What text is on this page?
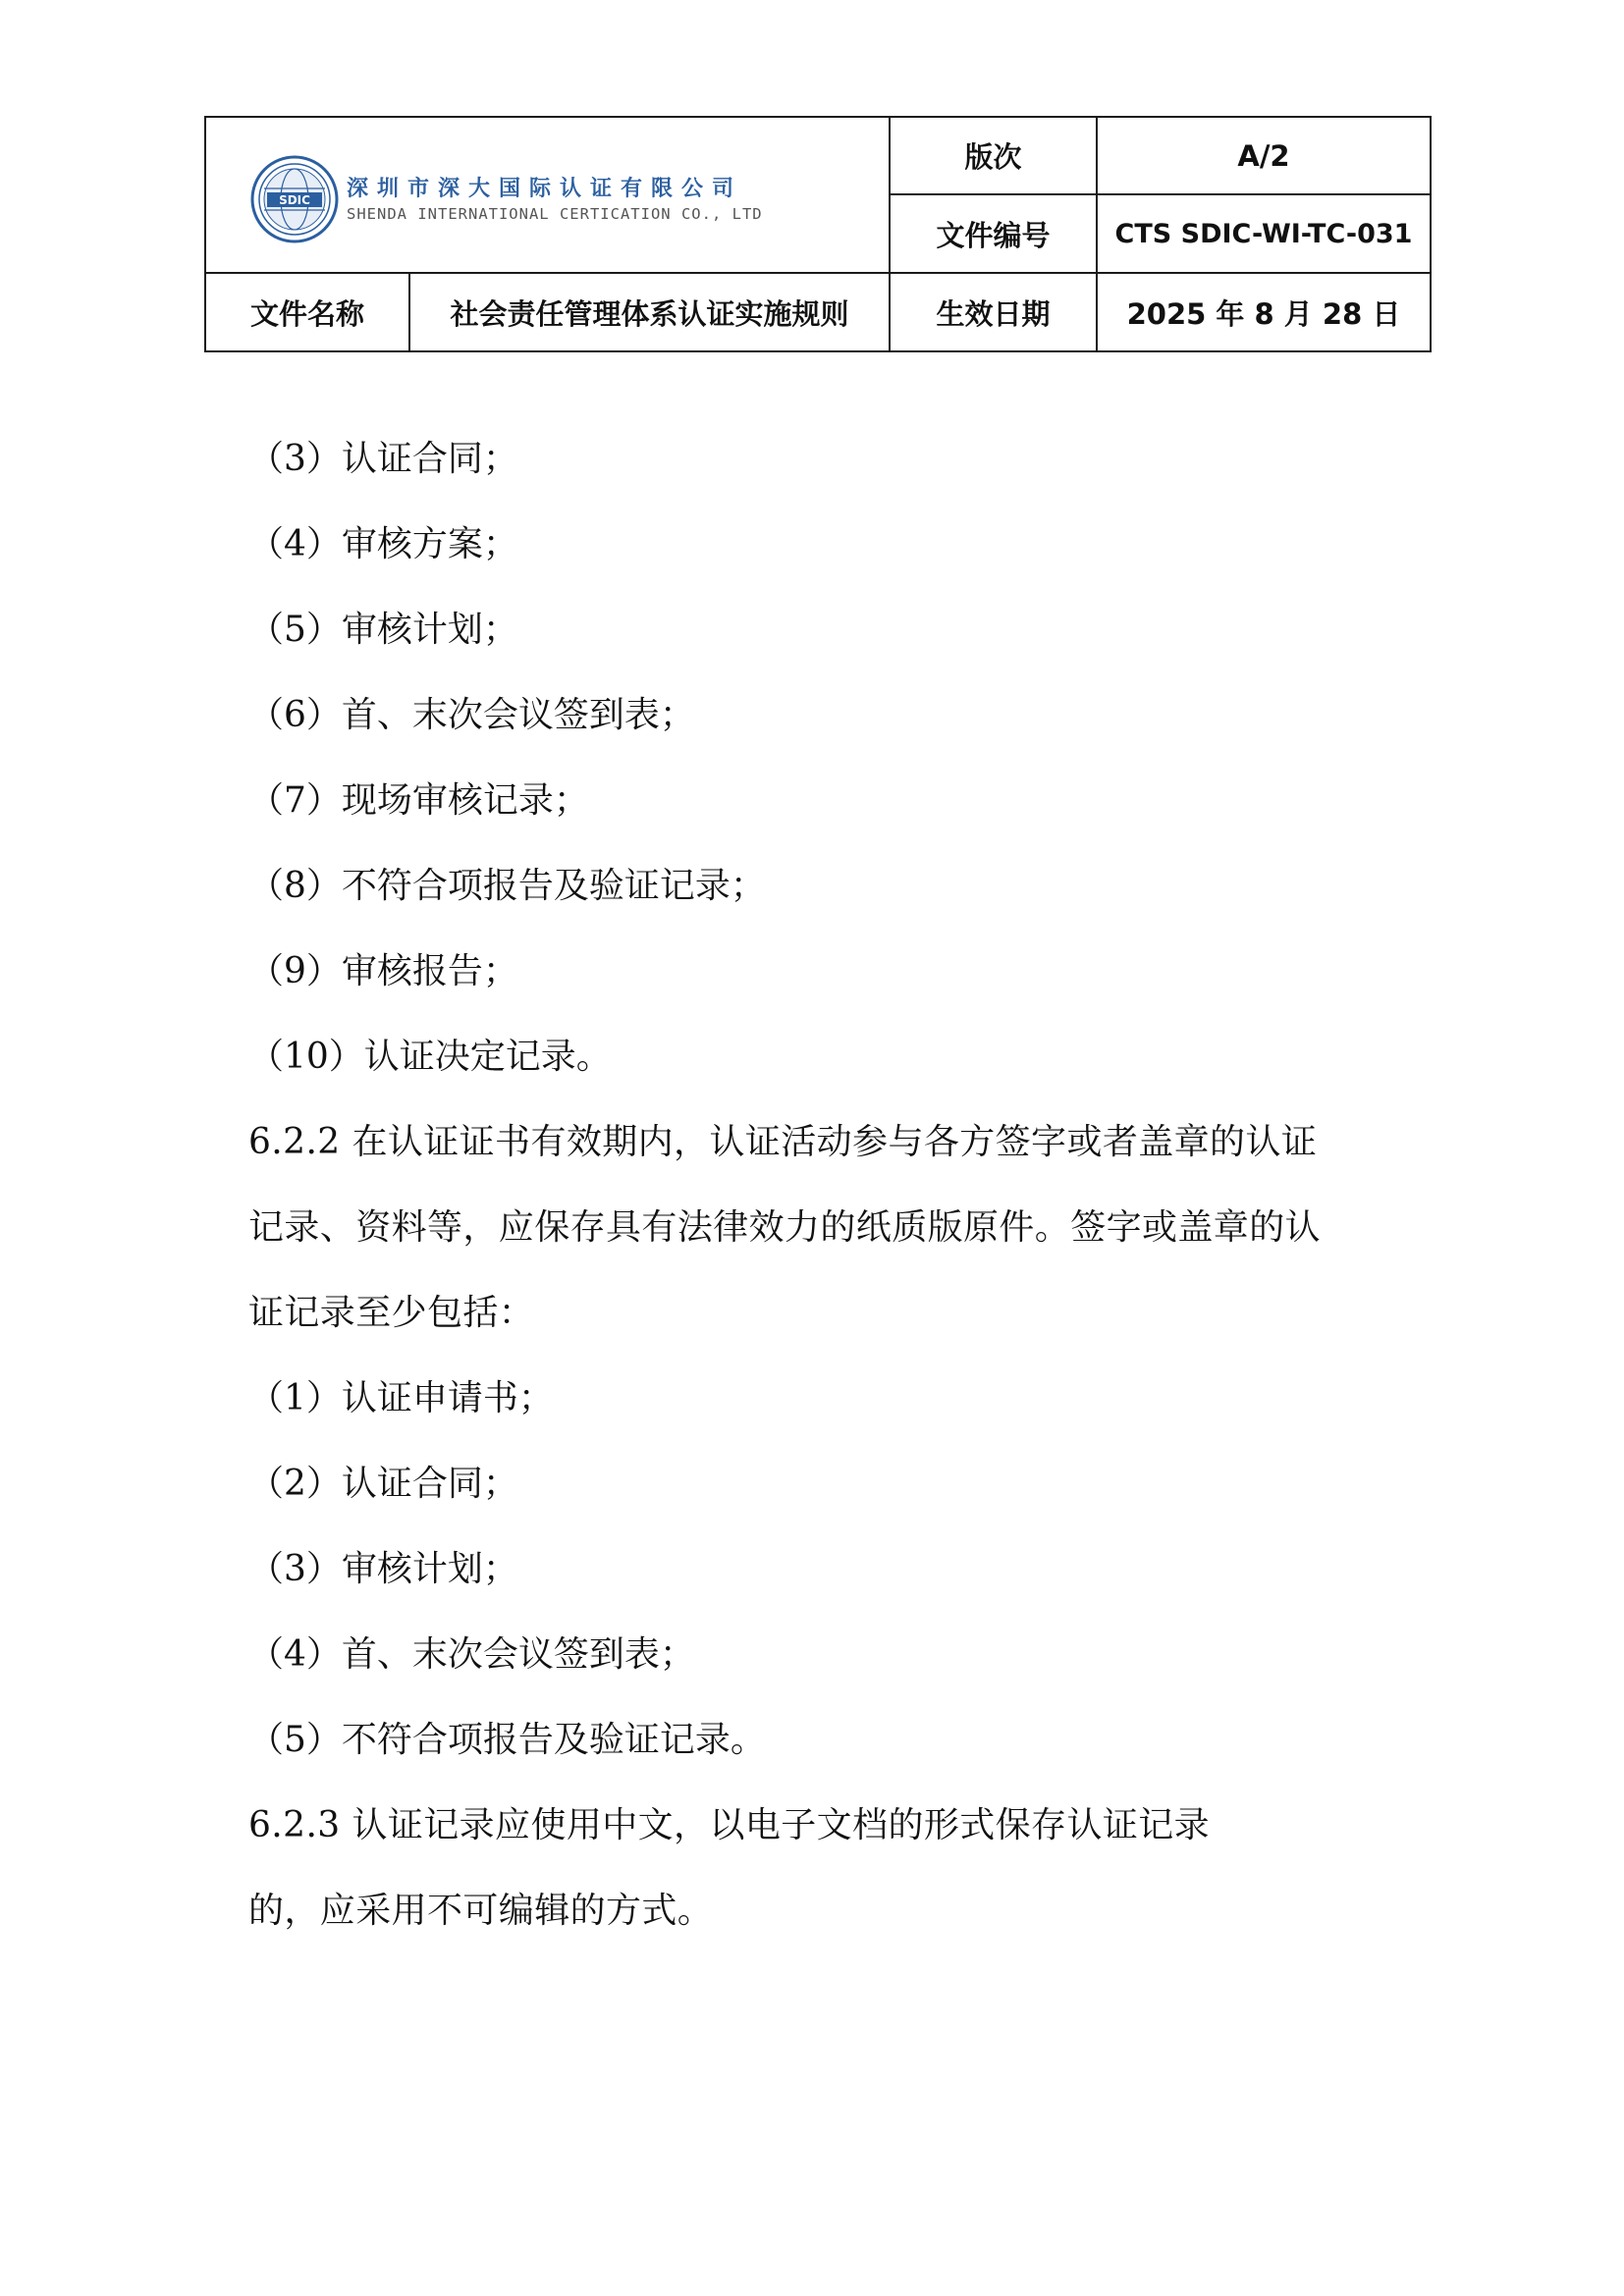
SDIC 深圳市深大国际认证有限公司
SHENDA INTERNATIONAL CERTICATION CO., LTD
版次	A/2
文件编号	CTS SDIC-WI-TC-031
文件名称	社会责任管理体系认证实施规则	生效日期	2025 年 8 月 28 日
（3）认证合同；
（4）审核方案；
（5）审核计划；
（6）首、末次会议签到表；
（7）现场审核记录；
（8）不符合项报告及验证记录；
（9）审核报告；
（10）认证决定记录。
6.2.2 在认证证书有效期内，认证活动参与各方签字或者盖章的认证
记录、资料等，应保存具有法律效力的纸质版原件。签字或盖章的认
证记录至少包括：
（1）认证申请书；
（2）认证合同；
（3）审核计划；
（4）首、末次会议签到表；
（5）不符合项报告及验证记录。
6.2.3 认证记录应使用中文，以电子文档的形式保存认证记录
的，应采用不可编辑的方式。
